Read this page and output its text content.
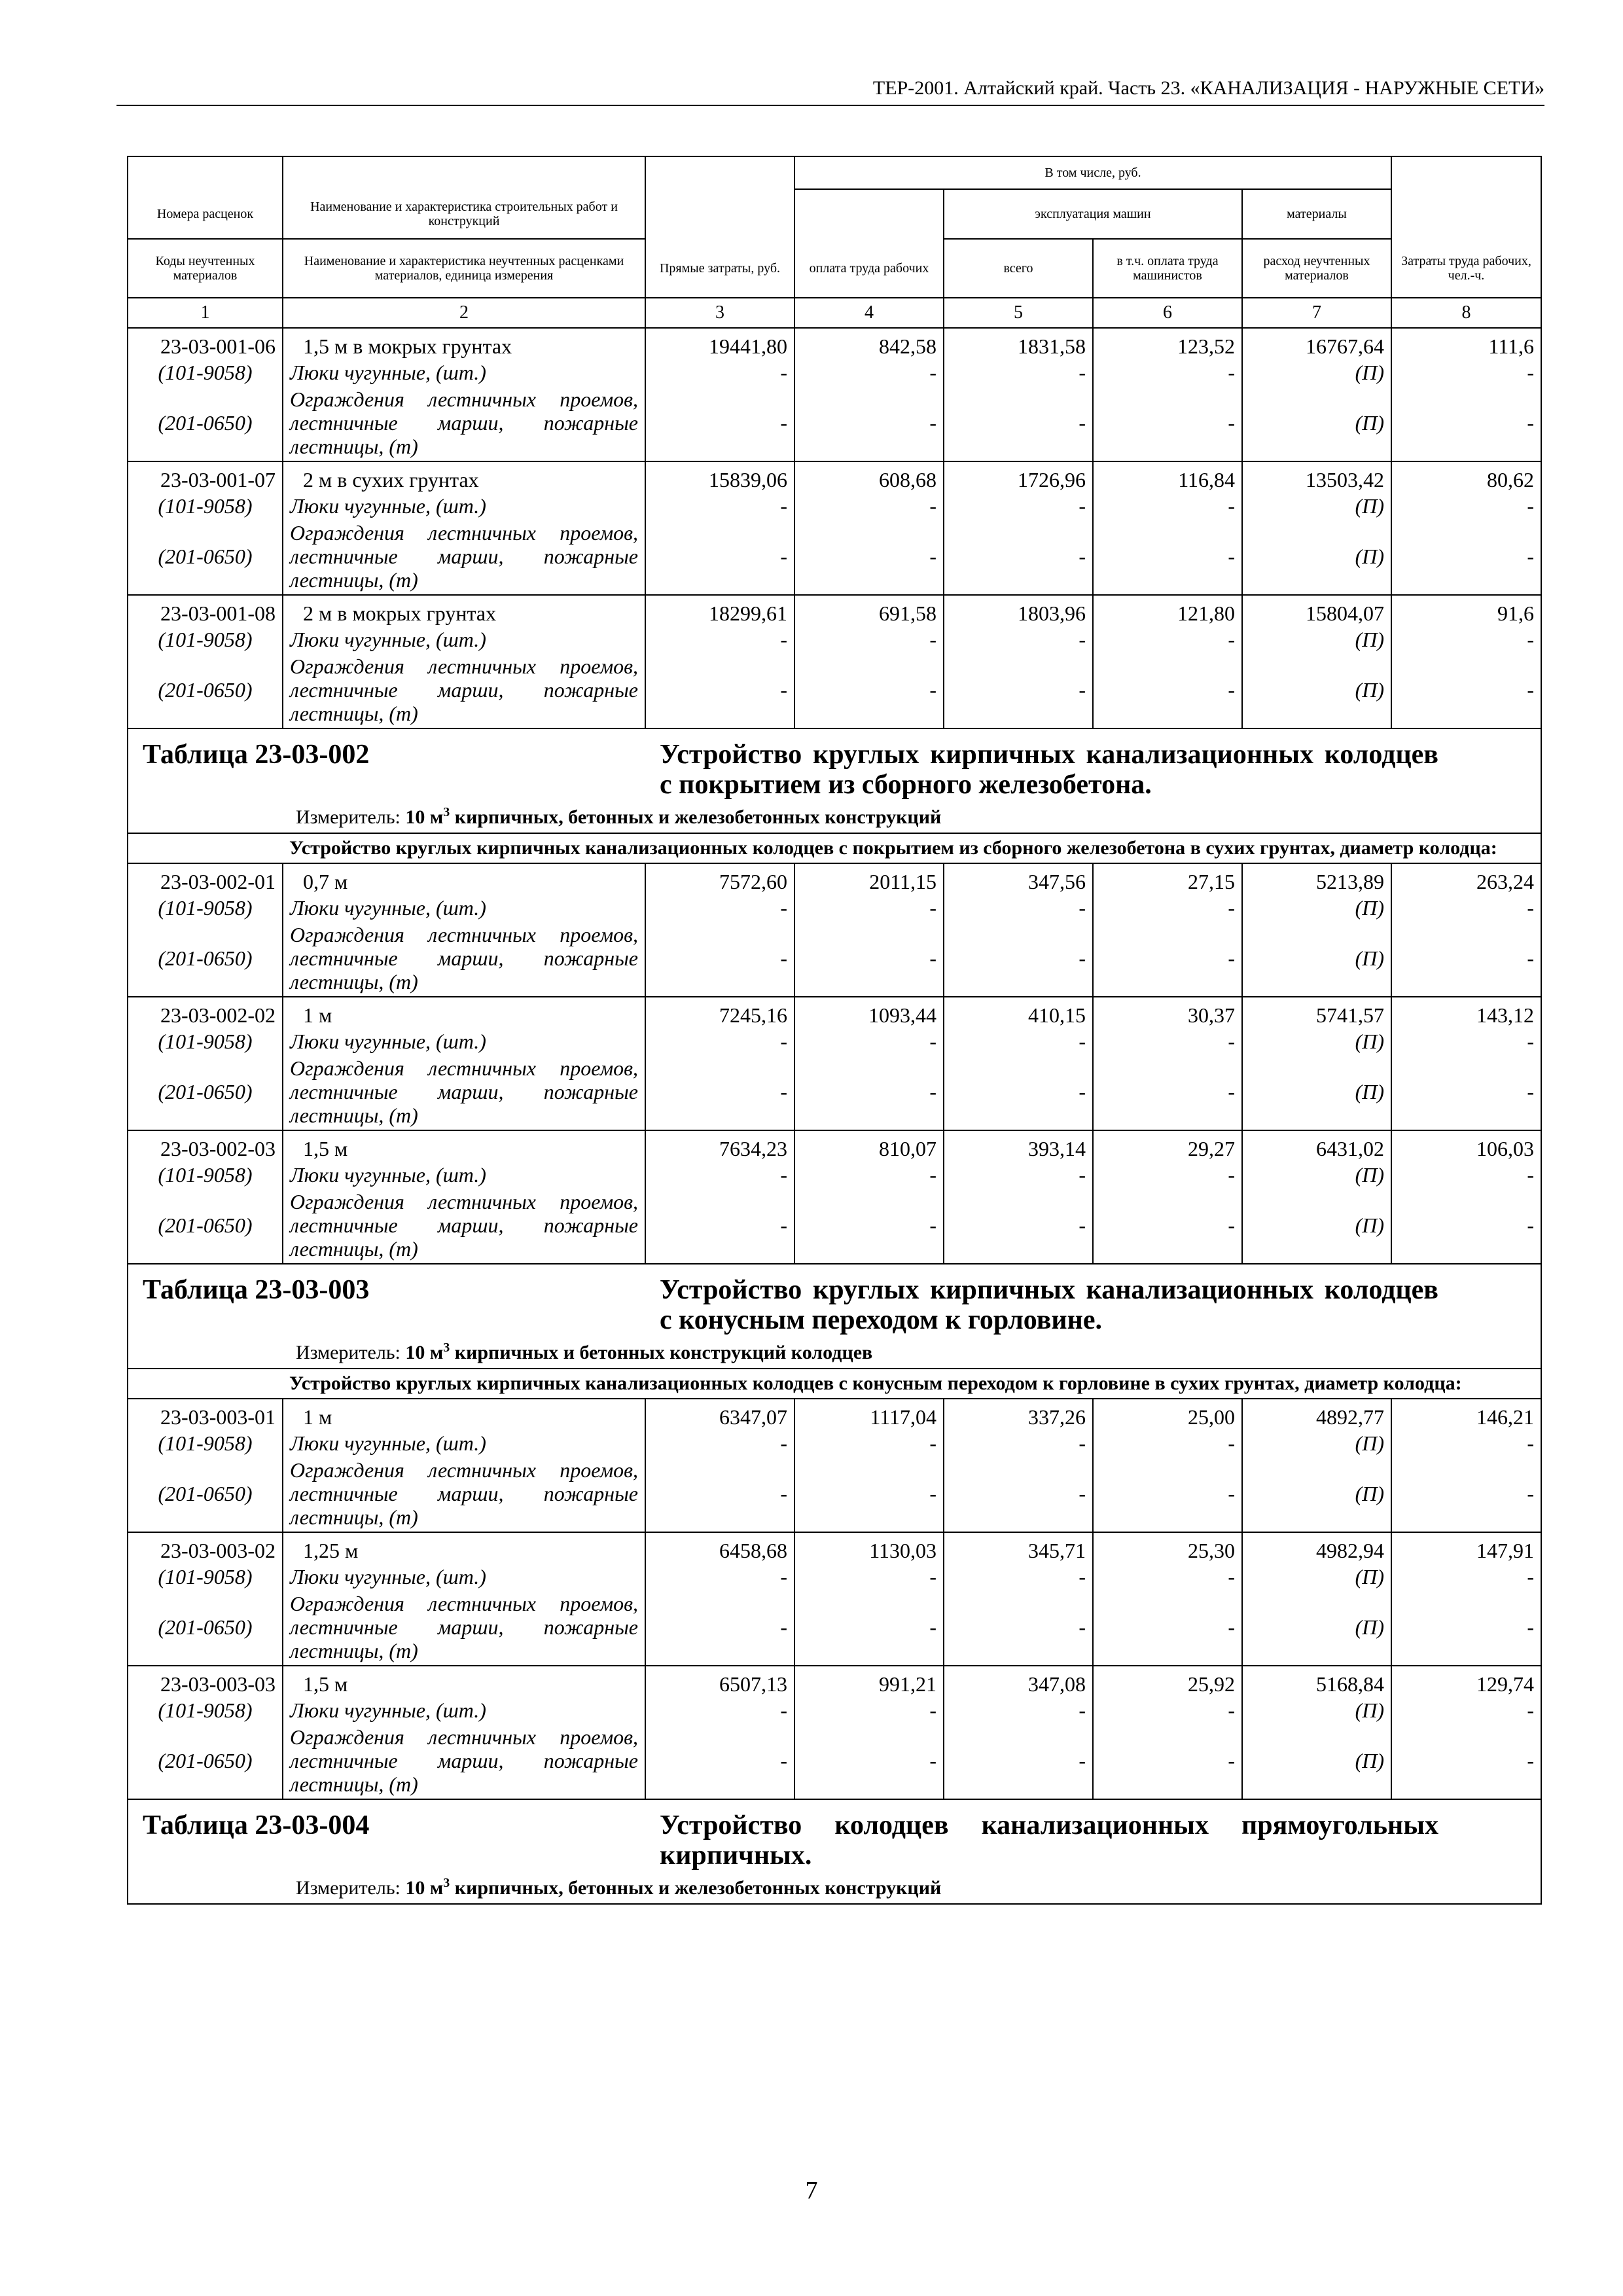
ТЕР-2001. Алтайский край. Часть 23. «КАНАЛИЗАЦИЯ - НАРУЖНЫЕ СЕТИ»
			В том числе, руб.				
Номера расценок	Наименование и характеристика строительных работ и конструкций			эксплуатация машин		материалы	
Коды неучтенных материалов	Наименование и характеристика неучтенных расценками материалов, единица измерения	Прямые затраты, руб.	оплата труда рабочих	всего	в т.ч. оплата труда машинистов	расход неучтенных материалов	Затраты труда рабочих, чел.-ч.
1	2	3	4	5	6	7	8
23-03-001-06	1,5 м в мокрых грунтах	19441,80	842,58	1831,58	123,52	16767,64	111,6
(101-9058)	Люки чугунные, (шт.)	-	-	-	-	(П)	-
(201-0650)	Ограждения лестничных проемов, лестничные марши, пожарные лестницы, (т)	-	-	-	-	(П)	-
23-03-001-07	2 м в сухих грунтах	15839,06	608,68	1726,96	116,84	13503,42	80,62
(101-9058)	Люки чугунные, (шт.)	-	-	-	-	(П)	-
(201-0650)	Ограждения лестничных проемов, лестничные марши, пожарные лестницы, (т)	-	-	-	-	(П)	-
23-03-001-08	2 м в мокрых грунтах	18299,61	691,58	1803,96	121,80	15804,07	91,6
(101-9058)	Люки чугунные, (шт.)	-	-	-	-	(П)	-
(201-0650)	Ограждения лестничных проемов, лестничные марши, пожарные лестницы, (т)	-	-	-	-	(П)	-

Таблица 23-03-002 Устройство круглых кирпичных канализационных колодцев с покрытием из сборного железобетона.
Измеритель: 10 $м^3$ кирпичных, бетонных и железобетонных конструкций							

Устройство круглых кирпичных канализационных колодцев с покрытием из сборного железобетона в сухих грунтах, диаметр колодца:							
23-03-002-01	0,7 м	7572,60	2011,15	347,56	27,15	5213,89	263,24
(101-9058)	Люки чугунные, (шт.)	-	-	-	-	(П)	-
(201-0650)	Ограждения лестничных проемов, лестничные марши, пожарные лестницы, (т)	-	-	-	-	(П)	-
23-03-002-02	1 м	7245,16	1093,44	410,15	30,37	5741,57	143,12
(101-9058)	Люки чугунные, (шт.)	-	-	-	-	(П)	-
(201-0650)	Ограждения лестничных проемов, лестничные марши, пожарные лестницы, (т)	-	-	-	-	(П)	-
23-03-002-03	1,5 м	7634,23	810,07	393,14	29,27	6431,02	106,03
(101-9058)	Люки чугунные, (шт.)	-	-	-	-	(П)	-
(201-0650)	Ограждения лестничных проемов, лестничные марши, пожарные лестницы, (т)	-	-	-	-	(П)	-

Таблица 23-03-003 Устройство круглых кирпичных канализационных колодцев с конусным переходом к горловине.
Измеритель: 10 $м^3$ кирпичных и бетонных конструкций колодцев							

Устройство круглых кирпичных канализационных колодцев с конусным переходом к горловине в сухих грунтах, диаметр колодца:							
23-03-003-01	1 м	6347,07	1117,04	337,26	25,00	4892,77	146,21
(101-9058)	Люки чугунные, (шт.)	-	-	-	-	(П)	-
(201-0650)	Ограждения лестничных проемов, лестничные марши, пожарные лестницы, (т)	-	-	-	-	(П)	-
23-03-003-02	1,25 м	6458,68	1130,03	345,71	25,30	4982,94	147,91
(101-9058)	Люки чугунные, (шт.)	-	-	-	-	(П)	-
(201-0650)	Ограждения лестничных проемов, лестничные марши, пожарные лестницы, (т)	-	-	-	-	(П)	-
23-03-003-03	1,5 м	6507,13	991,21	347,08	25,92	5168,84	129,74
(101-9058)	Люки чугунные, (шт.)	-	-	-	-	(П)	-
(201-0650)	Ограждения лестничных проемов, лестничные марши, пожарные лестницы, (т)	-	-	-	-	(П)	-

Таблица 23-03-004 Устройство колодцев канализационных прямоугольных кирпичных.
Измеритель: 10 $м^3$ кирпичных, бетонных и железобетонных конструкций							
7
